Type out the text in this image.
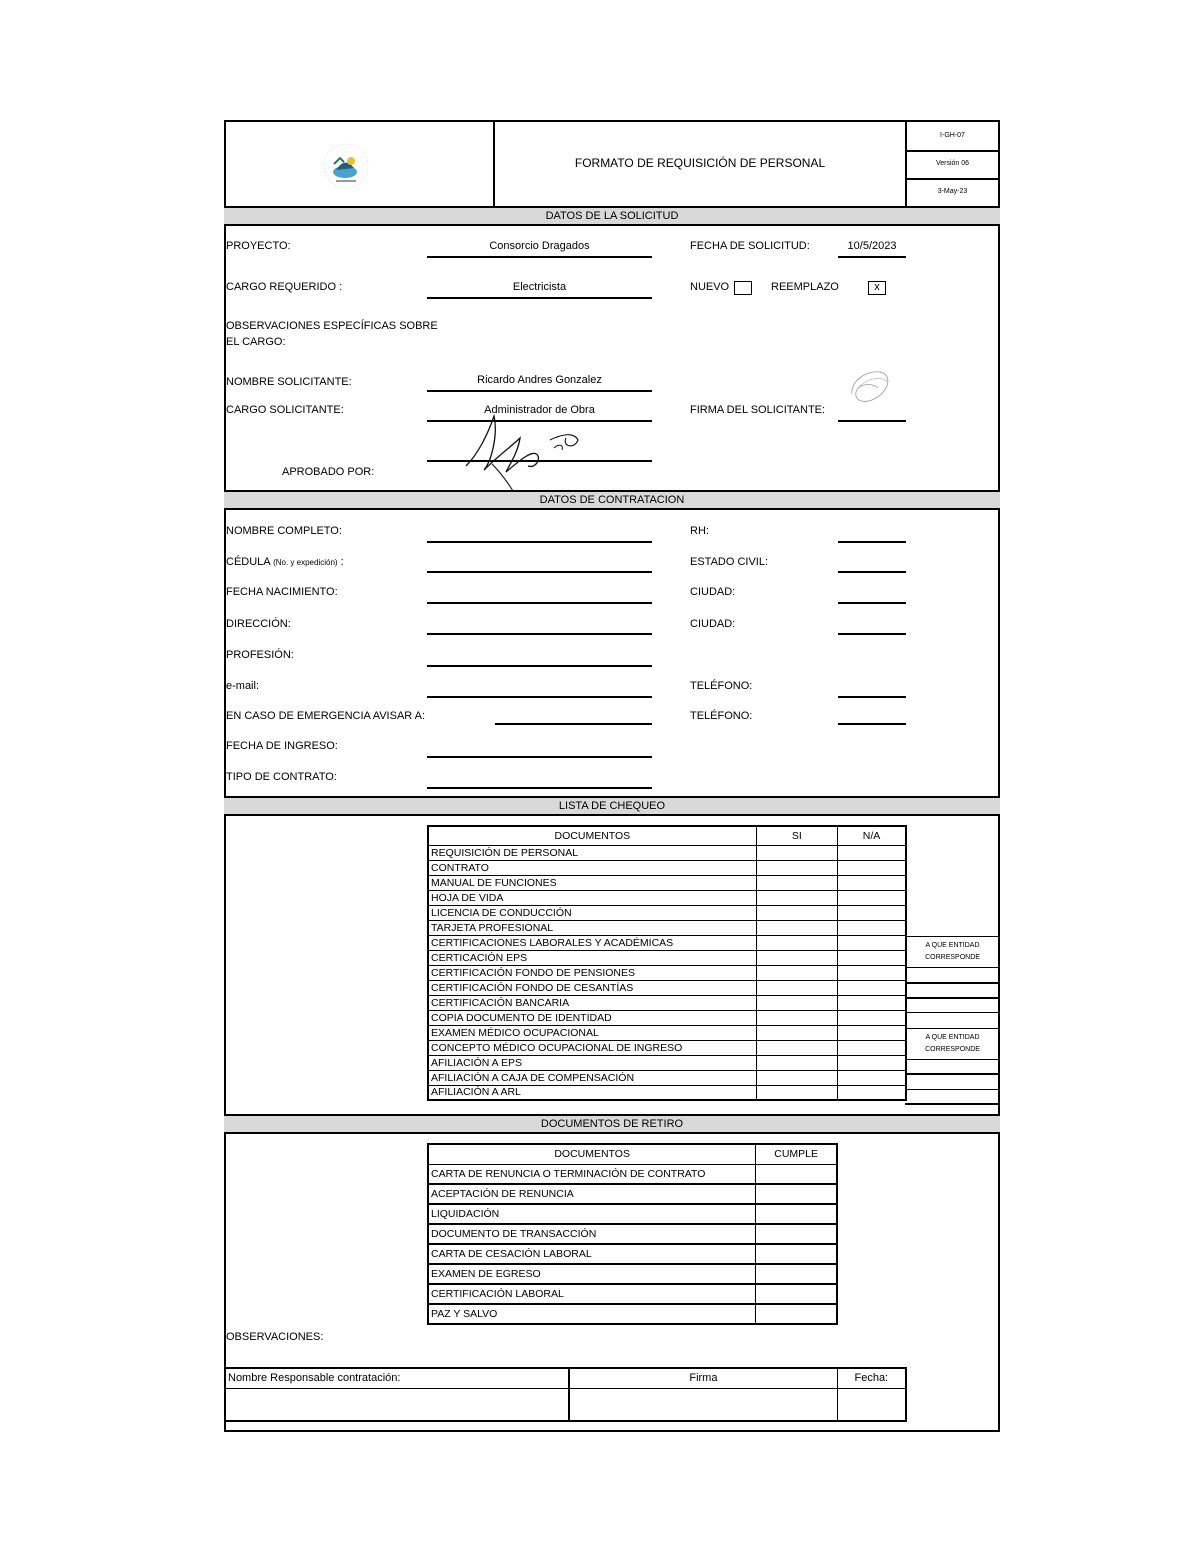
FORMATO DE REQUISICIÓN DE PERSONAL
I-GH-07
Versión 06
3-May-23
DATOS DE LA SOLICITUD
PROYECTO:	Consorcio Dragados	FECHA DE SOLICITUD:	10/5/2023
CARGO REQUERIDO :	Electricista	NUEVO	REEMPLAZO	x
OBSERVACIONES ESPECÍFICAS SOBRE
EL CARGO:
NOMBRE SOLICITANTE:	Ricardo Andres Gonzalez
CARGO SOLICITANTE:	Administrador de Obra	FIRMA DEL SOLICITANTE:
APROBADO POR:
DATOS DE CONTRATACION
NOMBRE COMPLETO:	RH:
CÉDULA (No. y expedición) :	ESTADO CIVIL:
FECHA NACIMIENTO:	CIUDAD:
DIRECCIÓN:	CIUDAD:
PROFESIÓN:
e-mail:	TELÉFONO:
EN CASO DE EMERGENCIA AVISAR A:	TELÉFONO:
FECHA DE INGRESO:
TIPO DE CONTRATO:
LISTA DE CHEQUEO
DOCUMENTOS	SI	N/A
REQUISICIÓN DE PERSONAL		
CONTRATO		
MANUAL DE FUNCIONES		
HOJA DE VIDA		
LICENCIA DE CONDUCCIÓN		
TARJETA PROFESIONAL		
CERTIFICACIONES LABORALES Y ACADÉMICAS		
CERTICACIÓN EPS		
CERTIFICACIÓN FONDO DE PENSIONES		
CERTIFICACIÓN FONDO DE CESANTÍAS		
CERTIFICACIÓN BANCARIA		
COPIA DOCUMENTO DE IDENTIDAD		
EXAMEN MÉDICO OCUPACIONAL		
CONCEPTO MÉDICO OCUPACIONAL DE INGRESO		
AFILIACIÓN A EPS		
AFILIACIÓN A CAJA DE COMPENSACIÓN		
AFILIACIÓN A ARL		
A QUE ENTIDAD
CORRESPONDE
A QUE ENTIDAD
CORRESPONDE
DOCUMENTOS DE RETIRO
DOCUMENTOS	CUMPLE
CARTA DE RENUNCIA O TERMINACIÓN DE CONTRATO	
ACEPTACIÓN DE RENUNCIA	
LIQUIDACIÓN	
DOCUMENTO DE TRANSACCIÓN	
CARTA DE CESACIÓN LABORAL	
EXAMEN DE EGRESO	
CERTIFICACIÓN LABORAL	
PAZ Y SALVO	
OBSERVACIONES:
Nombre Responsable contratación:	Firma	Fecha:
